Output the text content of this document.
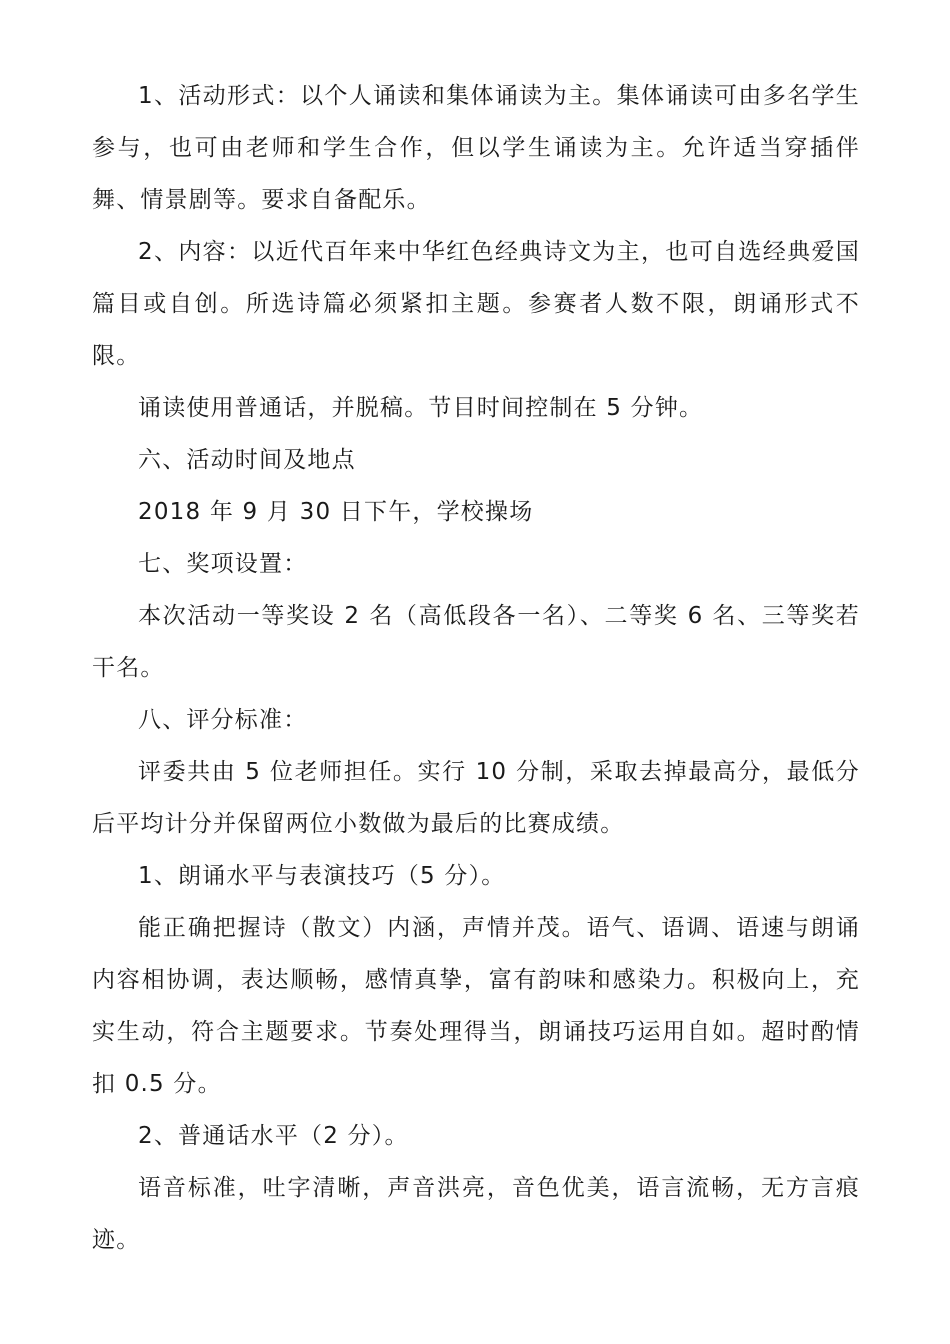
1、活动形式：以个人诵读和集体诵读为主。集体诵读可由多名学生参与，也可由老师和学生合作，但以学生诵读为主。允许适当穿插伴舞、情景剧等。要求自备配乐。

2、内容：以近代百年来中华红色经典诗文为主，也可自选经典爱国篇目或自创。所选诗篇必须紧扣主题。参赛者人数不限，朗诵形式不限。

诵读使用普通话，并脱稿。节目时间控制在 5 分钟。

六、活动时间及地点

2018 年 9 月 30 日下午，学校操场

七、奖项设置：

本次活动一等奖设 2 名（高低段各一名）、二等奖 6 名、三等奖若干名。

八、评分标准：

评委共由 5 位老师担任。实行 10 分制，采取去掉最高分，最低分后平均计分并保留两位小数做为最后的比赛成绩。

1、朗诵水平与表演技巧（5 分）。

能正确把握诗（散文）内涵，声情并茂。语气、语调、语速与朗诵内容相协调，表达顺畅，感情真挚，富有韵味和感染力。积极向上，充实生动，符合主题要求。节奏处理得当，朗诵技巧运用自如。超时酌情扣 0.5 分。

2、普通话水平（2 分）。

语音标准，吐字清晰，声音洪亮，音色优美，语言流畅，无方言痕迹。
